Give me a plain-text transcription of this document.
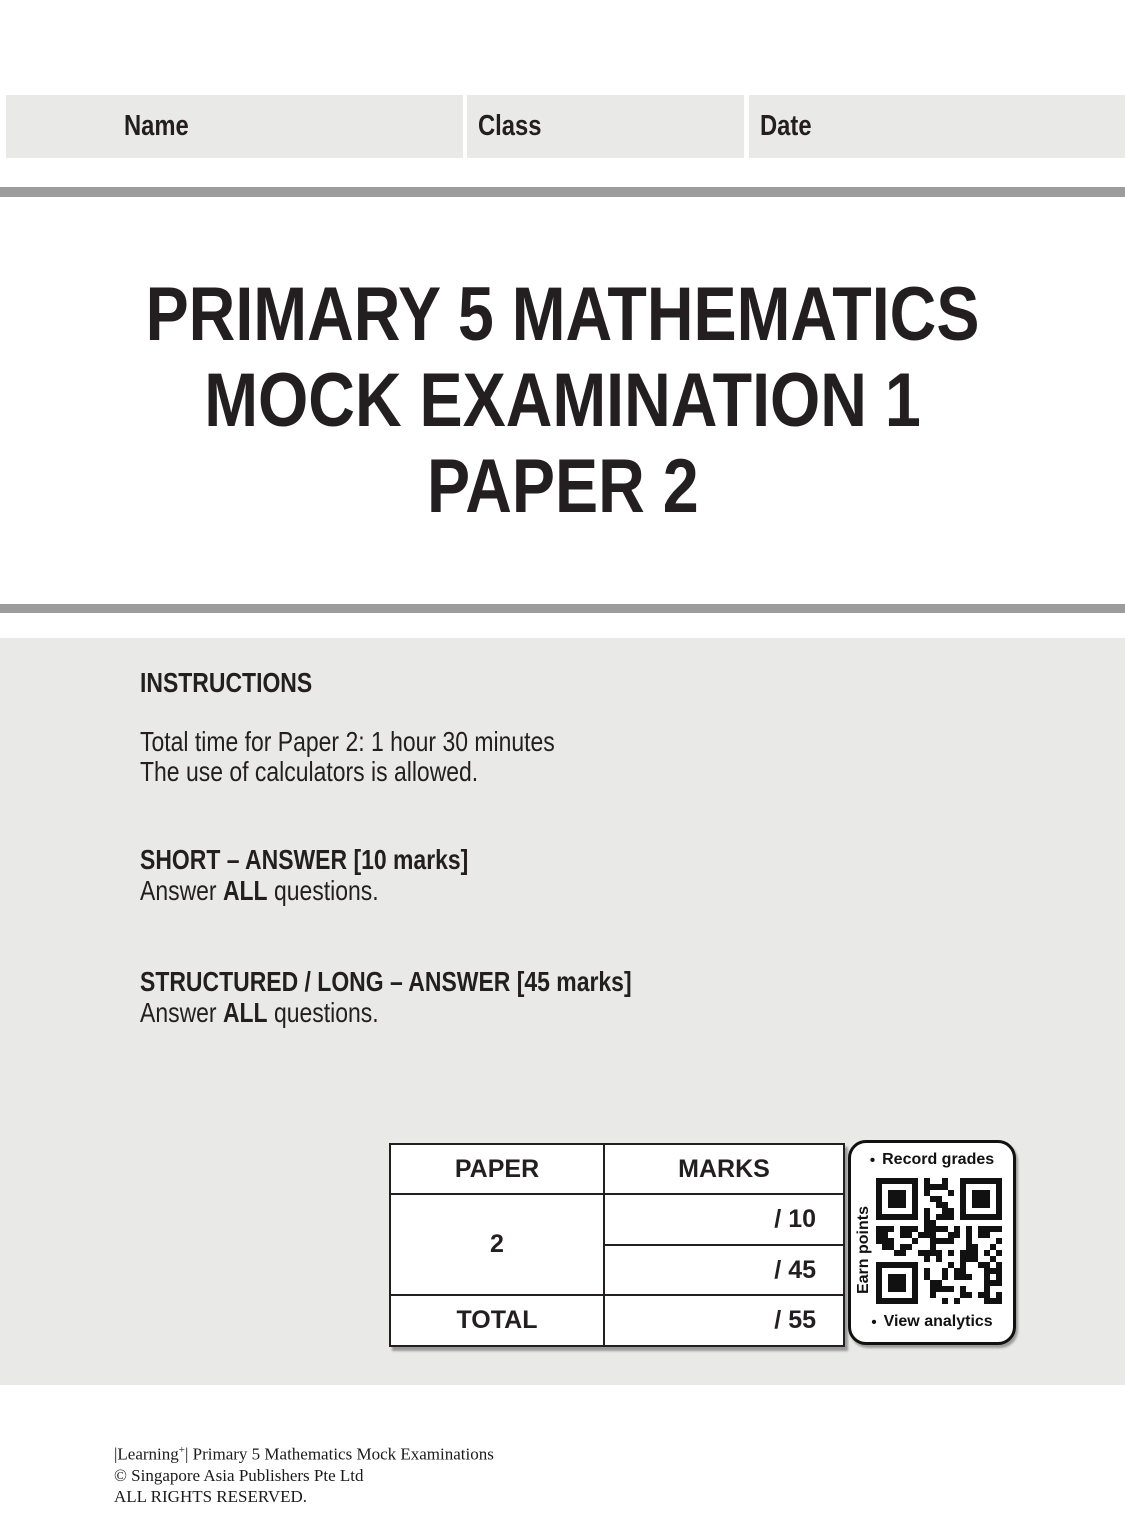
Name	Class	Date
PRIMARY 5 MATHEMATICS
MOCK EXAMINATION 1
PAPER 2
INSTRUCTIONS
Total time for Paper 2: 1 hour 30 minutes
The use of calculators is allowed.
SHORT – ANSWER [10 marks]
Answer ALL questions.
STRUCTURED / LONG – ANSWER [45 marks]
Answer ALL questions.
PAPER	MARKS
2	/ 10
	/ 45
TOTAL	/ 55
• Record grades
Earn points
• View analytics
|Learning+| Primary 5 Mathematics Mock Examinations
© Singapore Asia Publishers Pte Ltd
ALL RIGHTS RESERVED.
